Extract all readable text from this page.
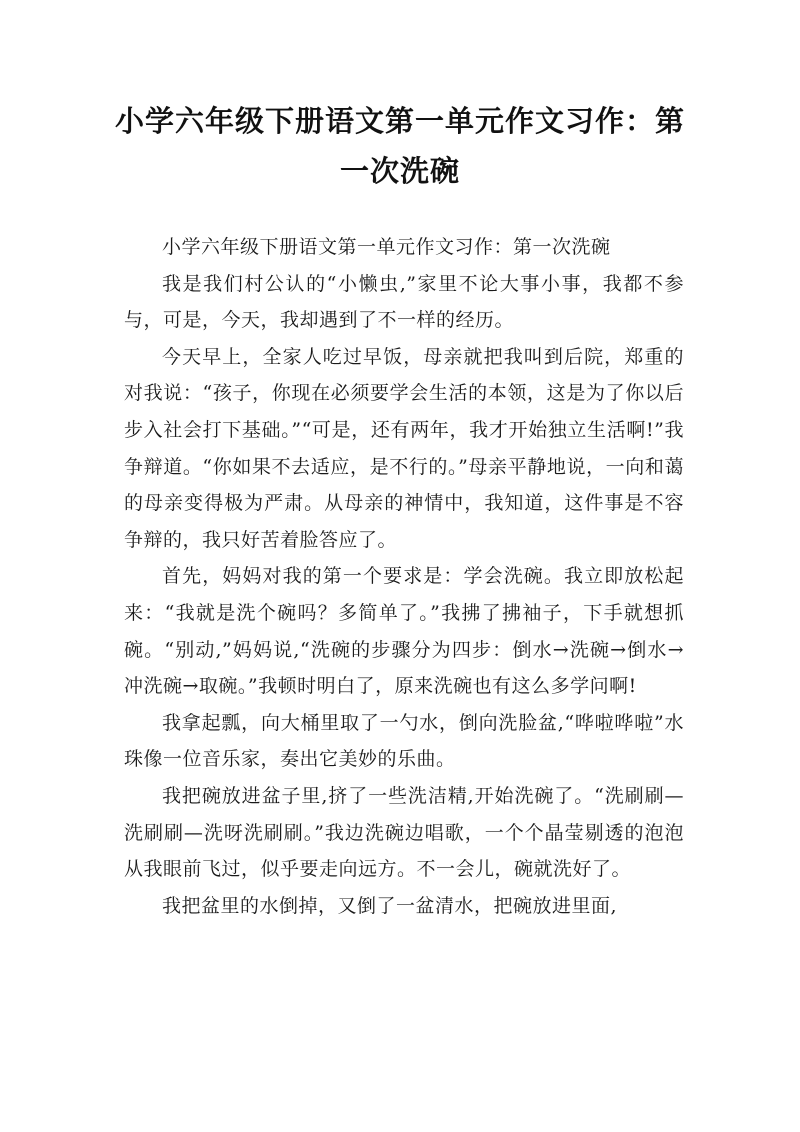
小学六年级下册语文第一单元作文习作：第一次洗碗

小学六年级下册语文第一单元作文习作：第一次洗碗

我是我们村公认的“小懒虫,”家里不论大事小事，我都不参与，可是，今天，我却遇到了不一样的经历。

今天早上，全家人吃过早饭，母亲就把我叫到后院，郑重的对我说：“孩子，你现在必须要学会生活的本领，这是为了你以后步入社会打下基础。”“可是，还有两年，我才开始独立生活啊!”我争辩道。“你如果不去适应，是不行的。”母亲平静地说，一向和蔼的母亲变得极为严肃。从母亲的神情中，我知道，这件事是不容争辩的，我只好苦着脸答应了。

首先，妈妈对我的第一个要求是：学会洗碗。我立即放松起来：“我就是洗个碗吗？多简单了。”我拂了拂袖子，下手就想抓碗。“别动,”妈妈说,“洗碗的步骤分为四步：倒水→洗碗→倒水→冲洗碗→取碗。”我顿时明白了，原来洗碗也有这么多学问啊!

我拿起瓢，向大桶里取了一勺水，倒向洗脸盆,“哗啦哗啦”水珠像一位音乐家，奏出它美妙的乐曲。

我把碗放进盆子里,挤了一些洗洁精,开始洗碗了。“洗刷刷—洗刷刷—洗呀洗刷刷。”我边洗碗边唱歌，一个个晶莹剔透的泡泡从我眼前飞过，似乎要走向远方。不一会儿，碗就洗好了。

我把盆里的水倒掉，又倒了一盆清水，把碗放进里面,
